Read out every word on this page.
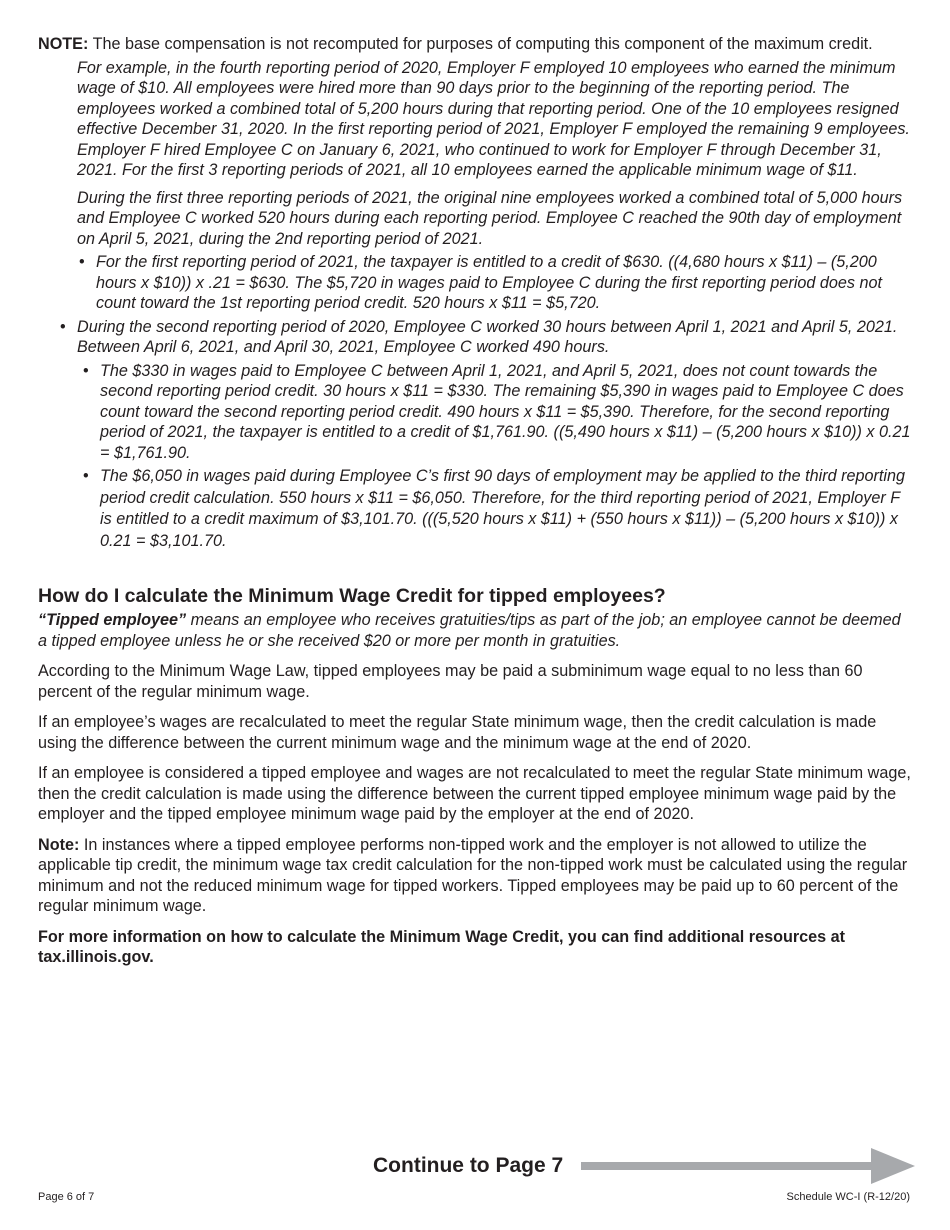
NOTE: The base compensation is not recomputed for purposes of computing this component of the maximum credit.

For example, in the fourth reporting period of 2020, Employer F employed 10 employees who earned the minimum wage of $10. All employees were hired more than 90 days prior to the beginning of the reporting period. The employees worked a combined total of 5,200 hours during that reporting period. One of the 10 employees resigned effective December 31, 2020. In the first reporting period of 2021, Employer F employed the remaining 9 employees. Employer F hired Employee C on January 6, 2021, who continued to work for Employer F through December 31, 2021. For the first 3 reporting periods of 2021, all 10 employees earned the applicable minimum wage of $11.

During the first three reporting periods of 2021, the original nine employees worked a combined total of 5,000 hours and Employee C worked 520 hours during each reporting period. Employee C reached the 90th day of employment on April 5, 2021, during the 2nd reporting period of 2021.

• For the first reporting period of 2021, the taxpayer is entitled to a credit of $630. ((4,680 hours x $11) – (5,200 hours x $10)) x .21 = $630. The $5,720 in wages paid to Employee C during the first reporting period does not count toward the 1st reporting period credit. 520 hours x $11 = $5,720.

• During the second reporting period of 2020, Employee C worked 30 hours between April 1, 2021 and April 5, 2021. Between April 6, 2021, and April 30, 2021, Employee C worked 490 hours.

• The $330 in wages paid to Employee C between April 1, 2021, and April 5, 2021, does not count towards the second reporting period credit. 30 hours x $11 = $330. The remaining $5,390 in wages paid to Employee C does count toward the second reporting period credit. 490 hours x $11 = $5,390. Therefore, for the second reporting period of 2021, the taxpayer is entitled to a credit of $1,761.90. ((5,490 hours x $11) – (5,200 hours x $10)) x 0.21 = $1,761.90.

• The $6,050 in wages paid during Employee C’s first 90 days of employment may be applied to the third reporting period credit calculation. 550 hours x $11 = $6,050. Therefore, for the third reporting period of 2021, Employer F is entitled to a credit maximum of $3,101.70. (((5,520 hours x $11) + (550 hours x $11)) – (5,200 hours x $10)) x 0.21 = $3,101.70.

How do I calculate the Minimum Wage Credit for tipped employees?

“Tipped employee” means an employee who receives gratuities/tips as part of the job; an employee cannot be deemed a tipped employee unless he or she received $20 or more per month in gratuities.

According to the Minimum Wage Law, tipped employees may be paid a subminimum wage equal to no less than 60 percent of the regular minimum wage.

If an employee’s wages are recalculated to meet the regular State minimum wage, then the credit calculation is made using the difference between the current minimum wage and the minimum wage at the end of 2020.

If an employee is considered a tipped employee and wages are not recalculated to meet the regular State minimum wage, then the credit calculation is made using the difference between the current tipped employee minimum wage paid by the employer and the tipped employee minimum wage paid by the employer at the end of 2020.

Note: In instances where a tipped employee performs non-tipped work and the employer is not allowed to utilize the applicable tip credit, the minimum wage tax credit calculation for the non-tipped work must be calculated using the regular minimum and not the reduced minimum wage for tipped workers. Tipped employees may be paid up to 60 percent of the regular minimum wage.

For more information on how to calculate the Minimum Wage Credit, you can find additional resources at tax.illinois.gov.

Continue to Page 7
Page 6 of 7	Schedule WC-I (R-12/20)
